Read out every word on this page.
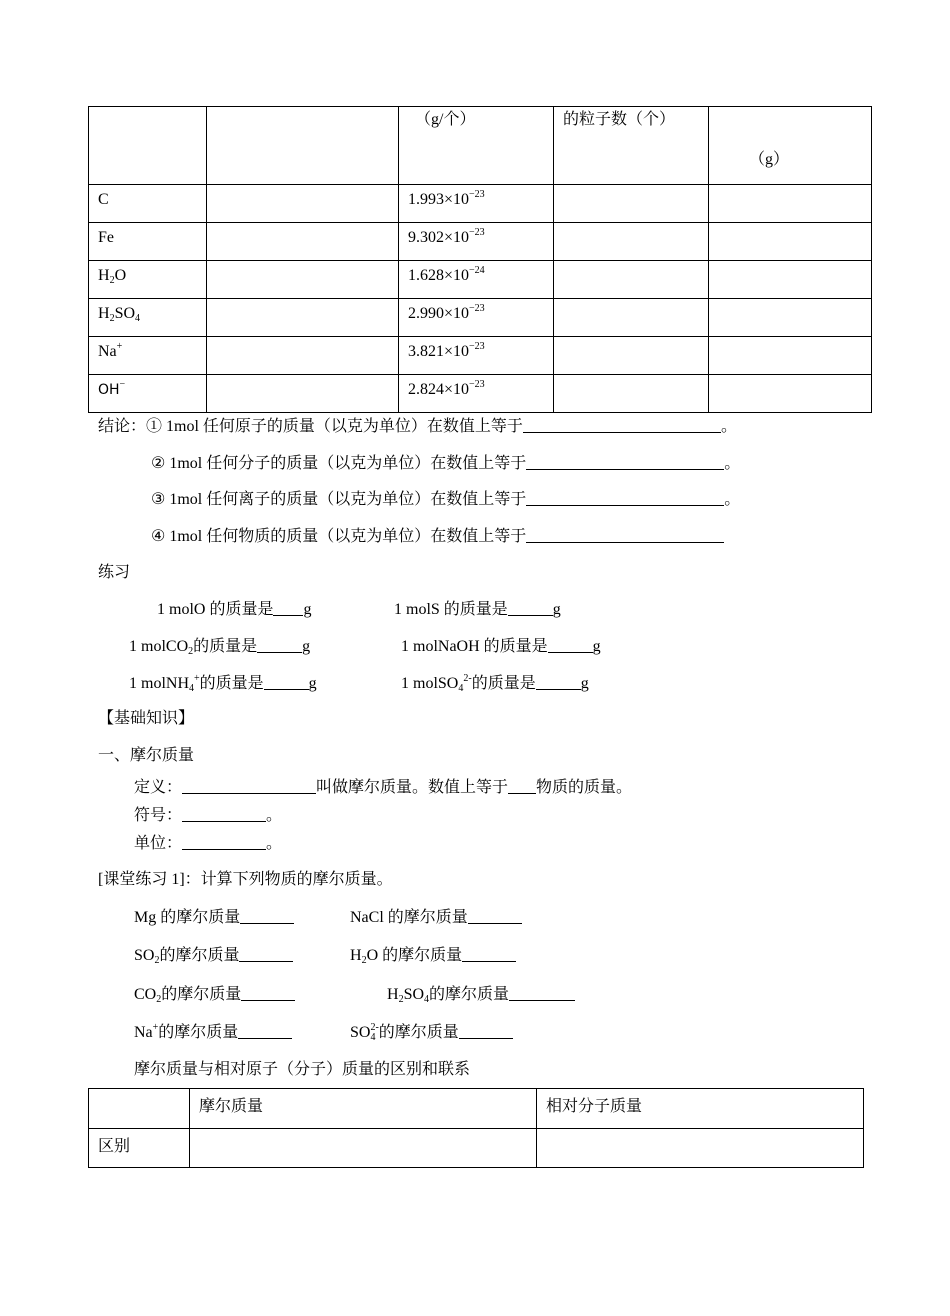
		（g/个）	的粒子数（个）	（g）
C		$1.993\times 10^{-23}$		
Fe		$9.302\times 10^{-23}$		
$H_2O$		$1.628\times 10^{-24}$		
$H_2SO_4$		$2.990\times 10^{-23}$		
Na+		$3.821\times 10^{-23}$		
OH−		$2.824\times 10^{-23}$		
结论：① 1mol 任何原子的质量（以克为单位）在数值上等于	。
② 1mol 任何分子的质量（以克为单位）在数值上等于	。
③ 1mol 任何离子的质量（以克为单位）在数值上等于	。
④ 1mol 任何物质的质量（以克为单位）在数值上等于
练习
1 molO 的质量是 g	1 molS 的质量是	g
1 molCO$_2$的质量是	g	1 molNaOH 的质量是	g
1 molNH$_4$+的质量是	g	1 molSO$_4^{2-}$的质量是	g
【基础知识】
一、摩尔质量
定义：	叫做摩尔质量。数值上等于 物质的质量。
符号：	。
单位：	。
[课堂练习 1]：计算下列物质的摩尔质量。
Mg 的摩尔质量	NaCl 的摩尔质量
$SO_2$的摩尔质量	$H_2O$ 的摩尔质量
$CO_2$的摩尔质量	$H_2SO_4$的摩尔质量
Na+的摩尔质量	$SO_4^{2-}$的摩尔质量
摩尔质量与相对原子（分子）质量的区别和联系
	摩尔质量	相对分子质量
区别		
